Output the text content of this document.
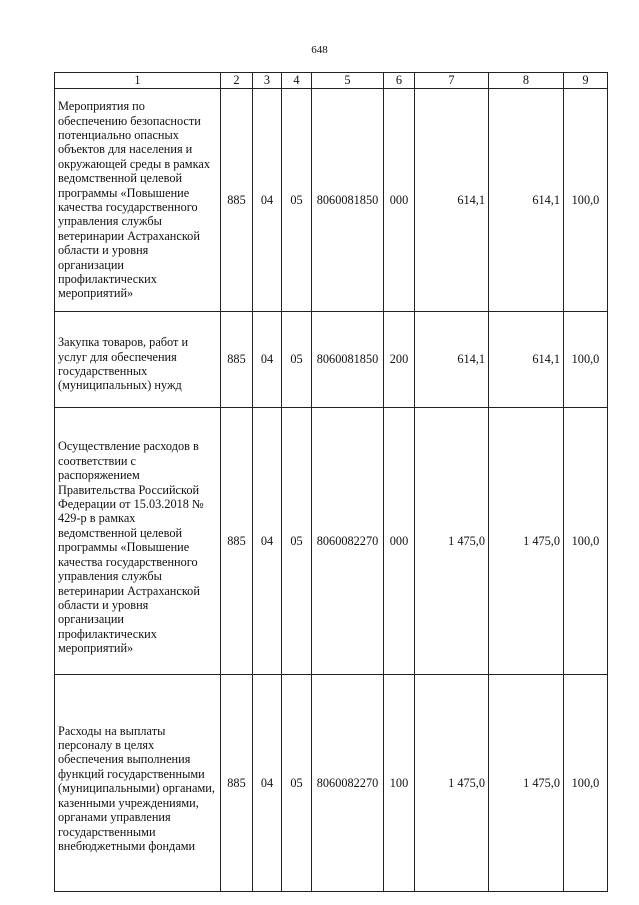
648
1	2	3	4	5	6	7	8	9
Мероприятия по обеспечению безопасности потенциально опасных объектов для населения и окружающей среды в рамках ведомственной целевой программы «Повышение качества государственного управления службы ветеринарии Астраханской области и уровня организации профилактических мероприятий»	885	04	05	8060081850	000	614,1	614,1	100,0
Закупка товаров, работ и услуг для обеспечения государственных (муниципальных) нужд	885	04	05	8060081850	200	614,1	614,1	100,0
Осуществление расходов в соответствии с распоряжением Правительства Российской Федерации от 15.03.2018 № 429-р в рамках ведомственной целевой программы «Повышение качества государственного управления службы ветеринарии Астраханской области и уровня организации профилактических мероприятий»	885	04	05	8060082270	000	1 475,0	1 475,0	100,0
Расходы на выплаты персоналу в целях обеспечения выполнения функций государственными (муниципальными) органами, казенными учреждениями, органами управления государственными внебюджетными фондами	885	04	05	8060082270	100	1 475,0	1 475,0	100,0
